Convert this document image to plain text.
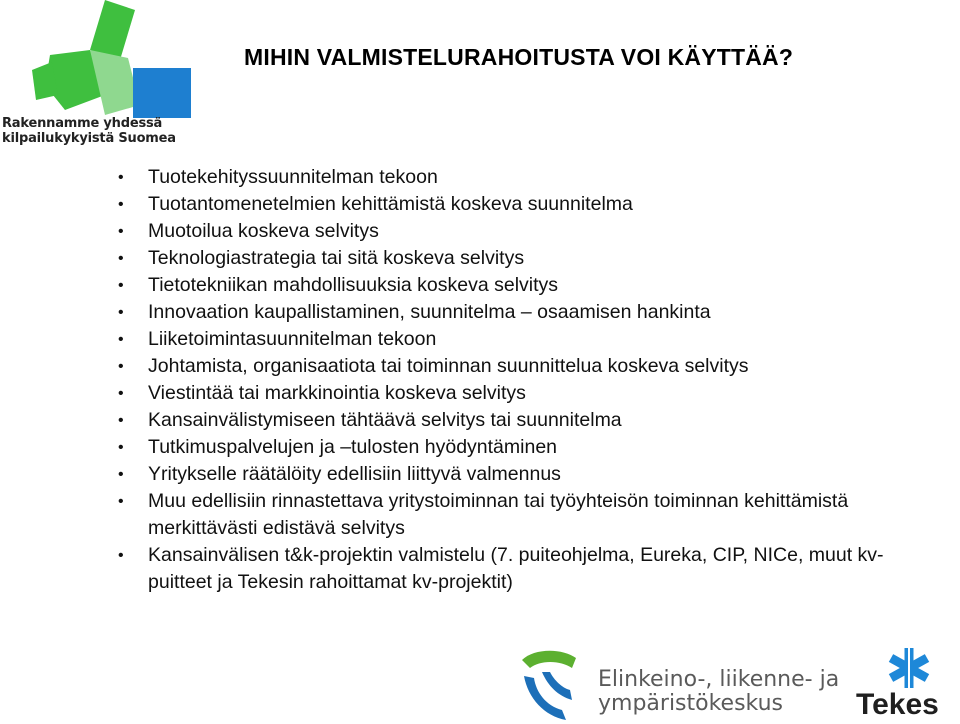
Rakennamme yhdessä
kilpailukykyistä Suomea
MIHIN VALMISTELURAHOITUSTA VOI KÄYTTÄÄ?
• Tuotekehityssuunnitelman tekoon
• Tuotantomenetelmien kehittämistä koskeva suunnitelma
• Muotoilua koskeva selvitys
• Teknologiastrategia tai sitä koskeva selvitys
• Tietotekniikan mahdollisuuksia koskeva selvitys
• Innovaation kaupallistaminen, suunnitelma – osaamisen hankinta
• Liiketoimintasuunnitelman tekoon
• Johtamista, organisaatiota tai toiminnan suunnittelua koskeva selvitys
• Viestintää tai markkinointia koskeva selvitys
• Kansainvälistymiseen tähtäävä selvitys tai suunnitelma
• Tutkimuspalvelujen ja –tulosten hyödyntäminen
• Yritykselle räätälöity edellisiin liittyvä valmennus
• Muu edellisiin rinnastettava yritystoiminnan tai työyhteisön toiminnan kehittämistä merkittävästi edistävä selvitys
• Kansainvälisen t&k-projektin valmistelu (7. puiteohjelma, Eureka, CIP, NICe, muut kv-puitteet ja Tekesin rahoittamat kv-projektit)
Elinkeino-, liikenne- ja
ympäristökeskus	Tekes
